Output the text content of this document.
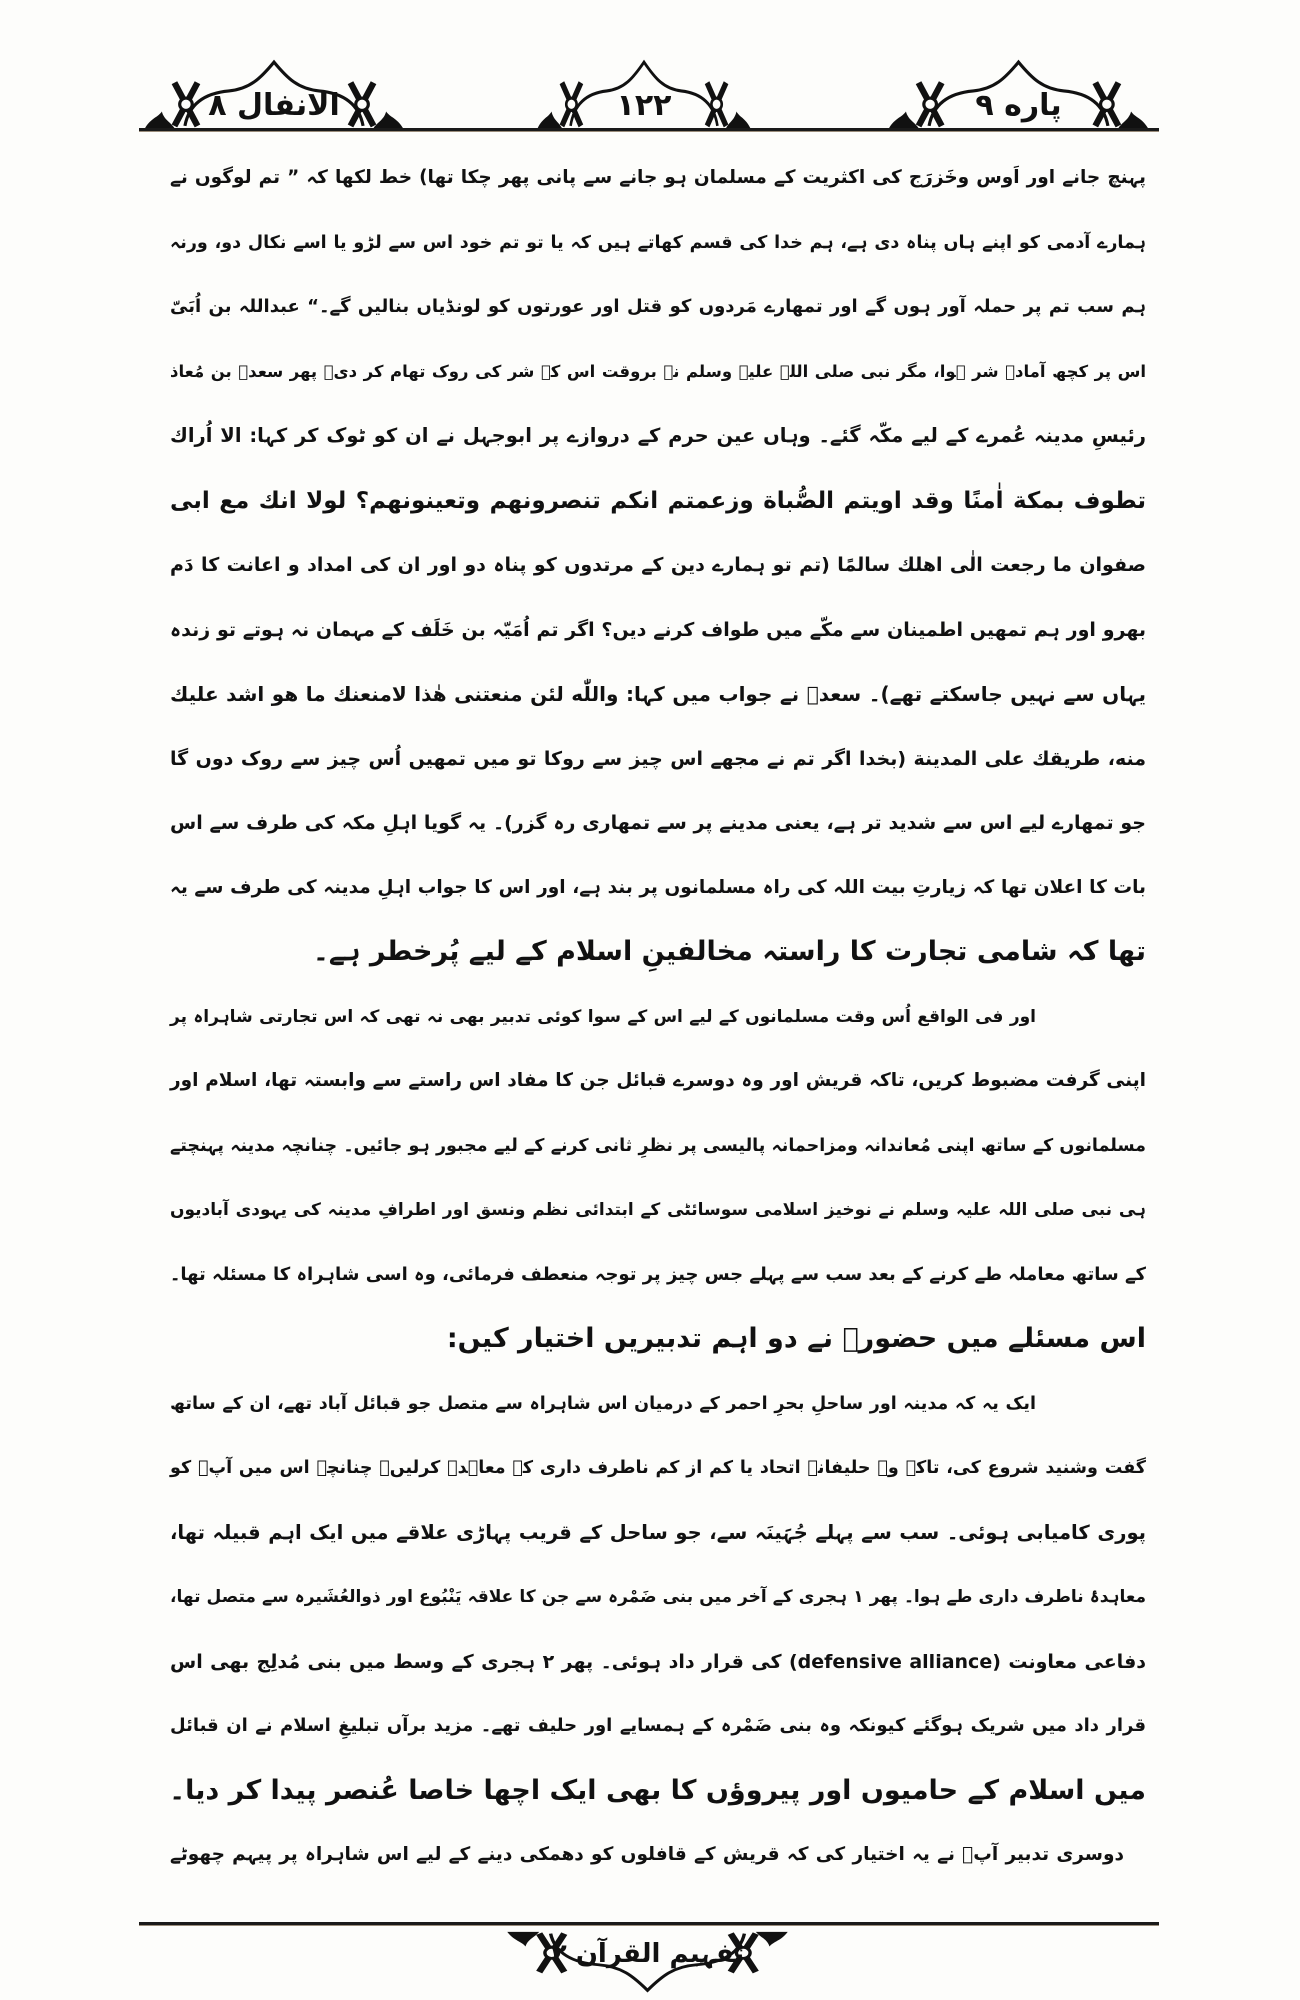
الانفال ۸	۱۲۲	پاره ۹
پہنچ جانے اور اَوس وخَزرَج کی اکثریت کے مسلمان ہو جانے سے پانی پھر چکا تھا) خط لکھا کہ ” تم لوگوں نے
ہمارے آدمی کو اپنے ہاں پناہ دی ہے، ہم خدا کی قسم کھاتے ہیں کہ یا تو تم خود اس سے لڑو یا اسے نکال دو، ورنہ
ہم سب تم پر حملہ آور ہوں گے اور تمھارے مَردوں کو قتل اور عورتوں کو لونڈیاں بنالیں گے۔“ عبداللہ بن اُبَیّ
اس پر کچھ آمادۂ شر ہوا، مگر نبی صلی اللہ علیہ وسلم نے بروقت اس کے شر کی روک تھام کر دی۔ پھر سعدؓ بن مُعاذ
رئیسِ مدینہ عُمرے کے لیے مکّہ گئے۔ وہاں عین حرم کے دروازے پر ابوجہل نے ان کو ٹوک کر کہا: الا اُراك
تطوف بمكة اٰمنًا وقد اويتم الصُّباة وزعمتم انكم تنصرونهم وتعينونهم؟ لولا انك مع ابى
صفوان ما رجعت الٰى اهلك سالمًا (تم تو ہمارے دین کے مرتدوں کو پناہ دو اور ان کی امداد و اعانت کا دَم
بھرو اور ہم تمھیں اطمینان سے مکّے میں طواف کرنے دیں؟ اگر تم اُمَیّہ بن خَلَف کے مہمان نہ ہوتے تو زندہ
یہاں سے نہیں جاسکتے تھے)۔ سعدؓ نے جواب میں کہا: واللّٰه لئن منعتنى هٰذا لامنعنك ما هو اشد عليك
منه، طريقك على المدينة (بخدا اگر تم نے مجھے اس چیز سے روکا تو میں تمھیں اُس چیز سے روک دوں گا
جو تمھارے لیے اس سے شدید تر ہے، یعنی مدینے پر سے تمھاری رہ گزر)۔ یہ گویا اہلِ مکہ کی طرف سے اس
بات کا اعلان تھا کہ زیارتِ بیت اللہ کی راہ مسلمانوں پر بند ہے، اور اس کا جواب اہلِ مدینہ کی طرف سے یہ
تھا کہ شامی تجارت کا راستہ مخالفینِ اسلام کے لیے پُرخطر ہے۔
اور فی الواقع اُس وقت مسلمانوں کے لیے اس کے سوا کوئی تدبیر بھی نہ تھی کہ اس تجارتی شاہراہ پر
اپنی گرفت مضبوط کریں، تاکہ قریش اور وہ دوسرے قبائل جن کا مفاد اس راستے سے وابستہ تھا، اسلام اور
مسلمانوں کے ساتھ اپنی مُعاندانہ ومزاحمانہ پالیسی پر نظرِ ثانی کرنے کے لیے مجبور ہو جائیں۔ چنانچہ مدینہ پہنچتے
ہی نبی صلی اللہ علیہ وسلم نے نوخیز اسلامی سوسائٹی کے ابتدائی نظم ونسق اور اطرافِ مدینہ کی یہودی آبادیوں
کے ساتھ معاملہ طے کرنے کے بعد سب سے پہلے جس چیز پر توجہ منعطف فرمائی، وہ اسی شاہراہ کا مسئلہ تھا۔
اس مسئلے میں حضورؐ نے دو اہم تدبیریں اختیار کیں:
ایک یہ کہ مدینہ اور ساحلِ بحرِ احمر کے درمیان اس شاہراہ سے متصل جو قبائل آباد تھے، ان کے ساتھ
گفت وشنید شروع کی، تاکہ وہ حلیفانہ اتحاد یا کم از کم ناطرف داری کے معاہدے کرلیں۔ چنانچہ اس میں آپؐ کو
پوری کامیابی ہوئی۔ سب سے پہلے جُہَینَہ سے، جو ساحل کے قریب پہاڑی علاقے میں ایک اہم قبیلہ تھا،
معاہدۂ ناطرف داری طے ہوا۔ پھر ۱ ہجری کے آخر میں بنی ضَمْرہ سے جن کا علاقہ یَنْبُوع اور ذوالعُشَیرہ سے متصل تھا،
دفاعی معاونت (defensive alliance) کی قرار داد ہوئی۔ پھر ۲ ہجری کے وسط میں بنی مُدلِج بھی اس
قرار داد میں شریک ہوگئے کیونکہ وہ بنی ضَمْرہ کے ہمسایے اور حلیف تھے۔ مزید برآں تبلیغِ اسلام نے ان قبائل
میں اسلام کے حامیوں اور پیروؤں کا بھی ایک اچھا خاصا عُنصر پیدا کر دیا۔
دوسری تدبیر آپؐ نے یہ اختیار کی کہ قریش کے قافلوں کو دھمکی دینے کے لیے اس شاہراہ پر پیہم چھوٹے
تفہیم القرآن ۲
